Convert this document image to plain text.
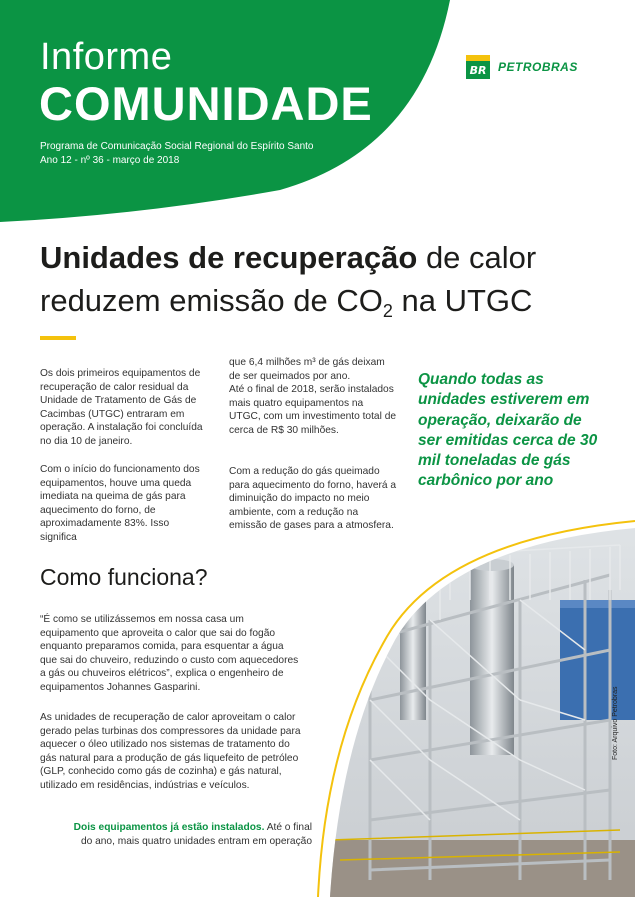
Informe
COMUNIDADE
Programa de Comunicação Social Regional do Espírito Santo
Ano 12 - nº 36 - março de 2018
BR PETROBRAS
Unidades de recuperação de calor
reduzem emissão de $CO_2$ na UTGC

Os dois primeiros equipamentos de recuperação de calor residual da Unidade de Tratamento de Gás de Cacimbas (UTGC) entraram em operação. A instalação foi concluída no dia 10 de janeiro.

Com o início do funcionamento dos equipamentos, houve uma queda imediata na queima de gás para aquecimento do forno, de aproximadamente 83%. Isso significa

que 6,4 milhões m³ de gás deixam de ser queimados por ano.

Até o final de 2018, serão instalados mais quatro equipamentos na UTGC, com um investimento total de cerca de R$ 30 milhões.

Com a redução do gás queimado para aquecimento do forno, haverá a diminuição do impacto no meio ambiente, com a redução na emissão de gases para a atmosfera.

Quando todas as unidades estiverem em operação, deixarão de ser emitidas cerca de 30 mil toneladas de gás carbônico por ano
Foto: Arquivo Petrobras
Como funciona?

“É como se utilizássemos em nossa casa um equipamento que aproveita o calor que sai do fogão enquanto preparamos comida, para esquentar a água que sai do chuveiro, reduzindo o custo com aquecedores a gás ou chuveiros elétricos”, explica o engenheiro de equipamentos Johannes Gasparini.

As unidades de recuperação de calor aproveitam o calor gerado pelas turbinas dos compressores da unidade para aquecer o óleo utilizado nos sistemas de tratamento do gás natural para a produção de gás liquefeito de petróleo (GLP, conhecido como gás de cozinha) e gás natural, utilizado em residências, indústrias e veículos.

Dois equipamentos já estão instalados. Até o final do ano, mais quatro unidades entram em operação
